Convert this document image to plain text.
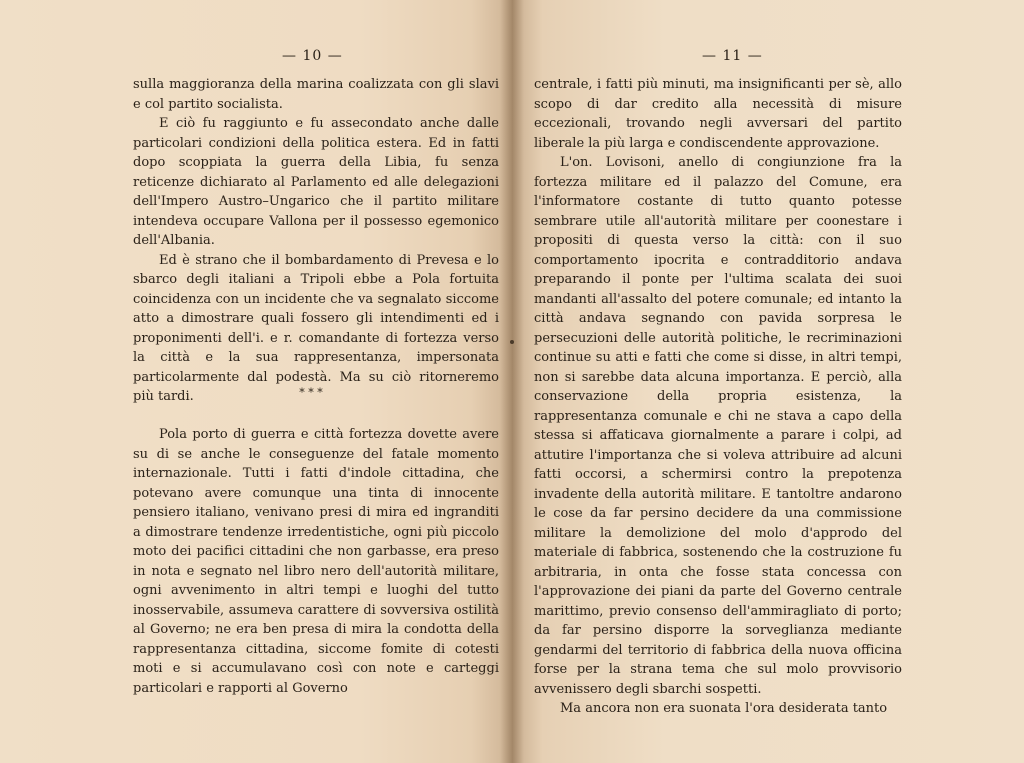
— 10 —

sulla maggioranza della marina coalizzata con gli slavi e col partito socialista.

E ciò fu raggiunto e fu assecondato anche dalle particolari condizioni della politica estera. Ed in fatti dopo scoppiata la guerra della Libia, fu senza reticenze dichiarato al Parlamento ed alle delegazioni dell'Impero Austro–Ungarico che il partito militare intendeva occupare Vallona per il possesso egemonico dell'Albania.

Ed è strano che il bombardamento di Prevesa e lo sbarco degli italiani a Tripoli ebbe a Pola fortuita coincidenza con un incidente che va segnalato siccome atto a dimostrare quali fossero gli intendimenti ed i proponimenti dell'i. e r. comandante di fortezza verso la città e la sua rappresentanza, impersonata particolarmente dal podestà. Ma su ciò ritorneremo più tardi.	* * *

Pola porto di guerra e città fortezza dovette avere su di se anche le conseguenze del fatale momento internazionale. Tutti i fatti d'indole cittadina, che potevano avere comunque una tinta di innocente pensiero italiano, venivano presi di mira ed ingranditi a dimostrare tendenze irredentistiche, ogni più piccolo moto dei pacifici cittadini che non garbasse, era preso in nota e segnato nel libro nero dell'autorità militare, ogni avvenimento in altri tempi e luoghi del tutto inosservabile, assumeva carattere di sovversiva ostilità al Governo; ne era ben presa di mira la condotta della rappresentanza cittadina, siccome fomite di cotesti moti e si accumulavano così con note e carteggi particolari e rapporti al Governo

— 11 —

centrale, i fatti più minuti, ma insignificanti per sè, allo scopo di dar credito alla necessità di misure eccezionali, trovando negli avversari del partito liberale la più larga e condiscendente approvazione.

L'on. Lovisoni, anello di congiunzione fra la fortezza militare ed il palazzo del Comune, era l'informatore costante di tutto quanto potesse sembrare utile all'autorità militare per coonestare i propositi di questa verso la città: con il suo comportamento ipocrita e contradditorio andava preparando il ponte per l'ultima scalata dei suoi mandanti all'assalto del potere comunale; ed intanto la città andava segnando con pavida sorpresa le persecuzioni delle autorità politiche, le recriminazioni continue su atti e fatti che come si disse, in altri tempi, non si sarebbe data alcuna importanza. E perciò, alla conservazione della propria esistenza, la rappresentanza comunale e chi ne stava a capo della stessa si affaticava giornalmente a parare i colpi, ad attutire l'importanza che si voleva attribuire ad alcuni fatti occorsi, a schermirsi contro la prepotenza invadente della autorità militare. E tantoltre andarono le cose da far persino decidere da una commissione militare la demolizione del molo d'approdo del materiale di fabbrica, sostenendo che la costruzione fu arbitraria, in onta che fosse stata concessa con l'approvazione dei piani da parte del Governo centrale marittimo, previo consenso dell'ammiragliato di porto; da far persino disporre la sorveglianza mediante gendarmi del territorio di fabbrica della nuova officina forse per la strana tema che sul molo provvisorio avvenissero degli sbarchi sospetti.

Ma ancora non era suonata l'ora desiderata tanto
